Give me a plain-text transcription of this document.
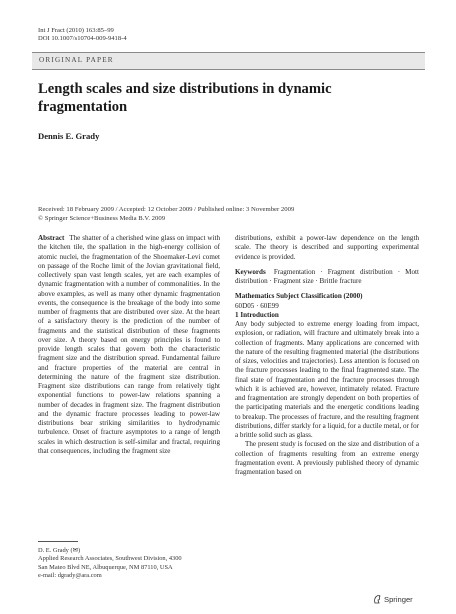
Int J Fract (2010) 163:85–99
DOI 10.1007/s10704-009-9418-4
ORIGINAL PAPER
Length scales and size distributions in dynamic fragmentation
Dennis E. Grady
Received: 18 February 2009 / Accepted: 12 October 2009 / Published online: 3 November 2009
© Springer Science+Business Media B.V. 2009

Abstract The shatter of a cherished wine glass on impact with the kitchen tile, the spallation in the high-energy collision of atomic nuclei, the fragmentation of the Shoemaker-Levi comet on passage of the Roche limit of the Jovian gravitational field, collectively span vast length scales, yet are each examples of dynamic fragmentation with a number of commonalities. In the above examples, as well as many other dynamic fragmentation events, the consequence is the breakage of the body into some number of fragments that are distributed over size. At the heart of a satisfactory theory is the prediction of the number of fragments and the statistical distribution of these fragments over size. A theory based on energy principles is found to provide length scales that govern both the characteristic fragment size and the distribution spread. Fundamental failure and fracture properties of the material are central in determining the nature of the fragment size distribution. Fragment size distributions can range from relatively tight exponential functions to power-law relations spanning a number of decades in fragment size. The fragment distribution and the dynamic fracture processes leading to power-law distributions bear striking similarities to hydrodynamic turbulence. Onset of fracture asymptotes to a range of length scales in which destruction is self-similar and fractal, requiring that consequences, including the fragment size

distributions, exhibit a power-law dependence on the length scale. The theory is described and supporting experimental evidence is provided.

Keywords Fragmentation · Fragment distribution · Mott distribution · Fragment size · Brittle fracture

Mathematics Subject Classification (2000)

60D05 · 60E99

1 Introduction

Any body subjected to extreme energy loading from impact, explosion, or radiation, will fracture and ultimately break into a collection of fragments. Many applications are concerned with the nature of the resulting fragmented material (the distributions of sizes, velocities and trajectories). Less attention is focused on the fracture processes leading to the final fragmented state. The final state of fragmentation and the fracture processes through which it is achieved are, however, intimately related. Fracture and fragmentation are strongly dependent on both properties of the participating materials and the energetic conditions leading to breakup. The processes of fracture, and the resulting fragment distributions, differ starkly for a liquid, for a ductile metal, or for a brittle solid such as glass.

The present study is focused on the size and distribution of a collection of fragments resulting from an extreme energy fragmentation event. A previously published theory of dynamic fragmentation based on

D. E. Grady (✉)
Applied Research Associates, Southwest Division, 4300
San Mateo Blvd NE, Albuquerque, NM 87110, USA
e-mail: dgrady@ara.com
Springer
